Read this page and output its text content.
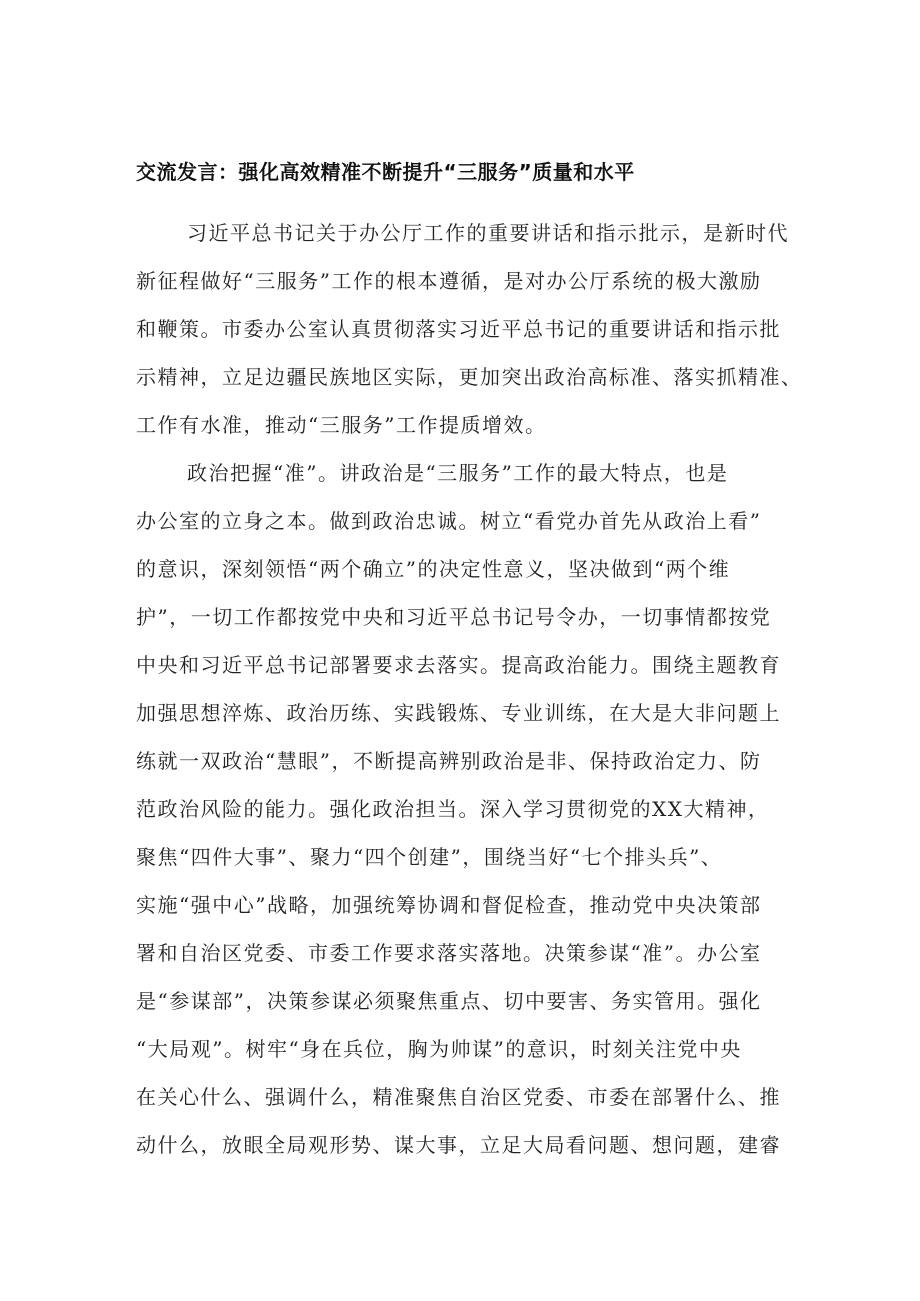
交流发言：强化高效精准不断提升“三服务”质量和水平
习近平总书记关于办公厅工作的重要讲话和指示批示，是新时代
新征程做好“三服务”工作的根本遵循，是对办公厅系统的极大激励
和鞭策。市委办公室认真贯彻落实习近平总书记的重要讲话和指示批
示精神，立足边疆民族地区实际，更加突出政治高标准、落实抓精准、
工作有水准，推动“三服务”工作提质增效。
政治把握“准”。讲政治是“三服务”工作的最大特点，也是
办公室的立身之本。做到政治忠诚。树立“看党办首先从政治上看”
的意识，深刻领悟“两个确立”的决定性意义，坚决做到“两个维
护”，一切工作都按党中央和习近平总书记号令办，一切事情都按党
中央和习近平总书记部署要求去落实。提高政治能力。围绕主题教育
加强思想淬炼、政治历练、实践锻炼、专业训练，在大是大非问题上
练就一双政治“慧眼”，不断提高辨别政治是非、保持政治定力、防
范政治风险的能力。强化政治担当。深入学习贯彻党的XX大精神，
聚焦“四件大事”、聚力“四个创建”，围绕当好“七个排头兵”、
实施“强中心”战略，加强统筹协调和督促检查，推动党中央决策部
署和自治区党委、市委工作要求落实落地。决策参谋“准”。办公室
是“参谋部”，决策参谋必须聚焦重点、切中要害、务实管用。强化
“大局观”。树牢“身在兵位，胸为帅谋”的意识，时刻关注党中央
在关心什么、强调什么，精准聚焦自治区党委、市委在部署什么、推
动什么，放眼全局观形势、谋大事，立足大局看问题、想问题，建睿
